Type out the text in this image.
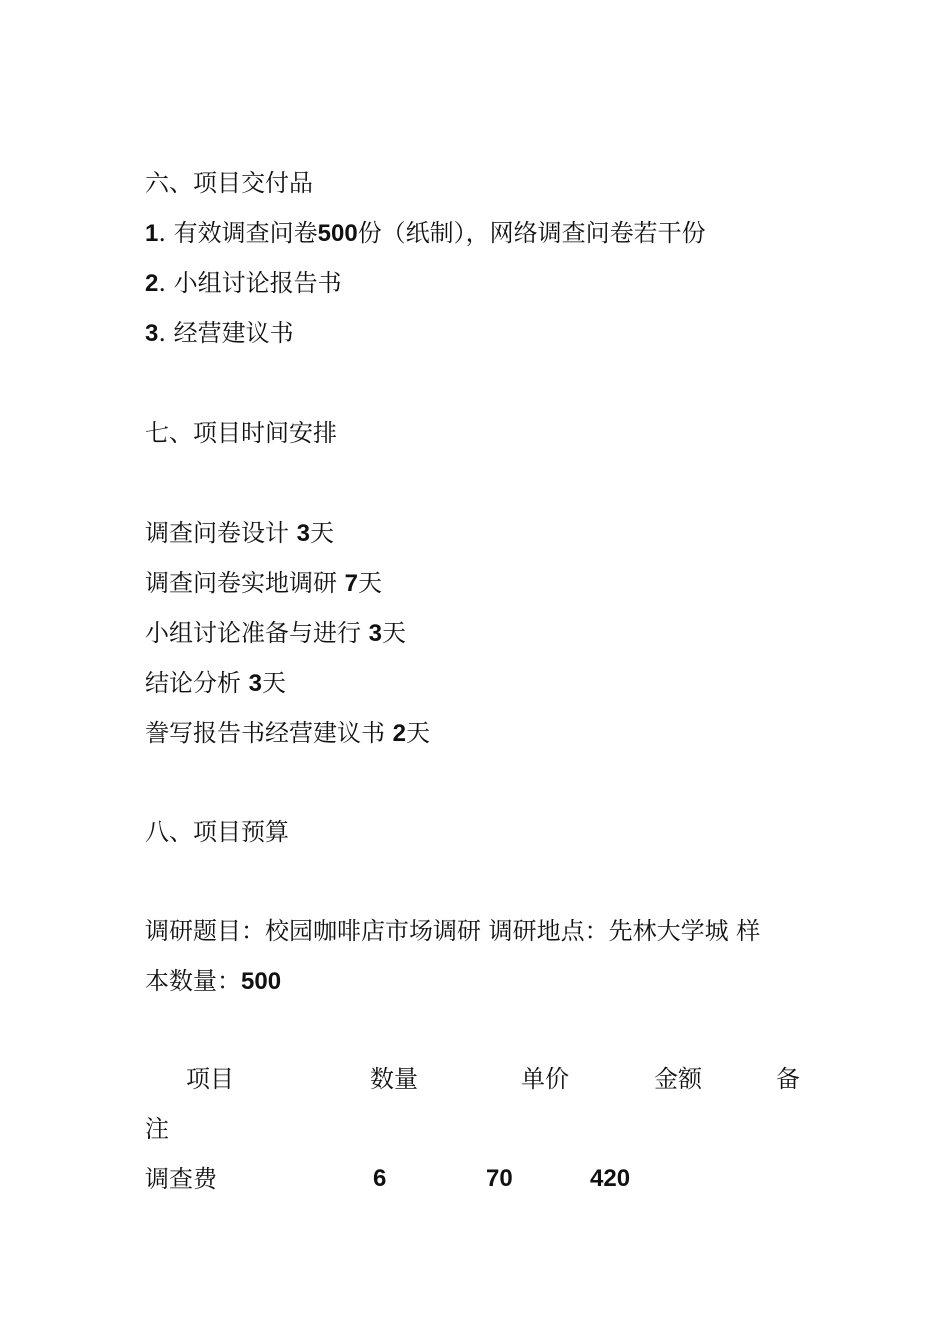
六、项目交付品
1. 有效调查问卷500份（纸制），网络调查问卷若干份
2. 小组讨论报告书
3. 经营建议书
七、项目时间安排
调查问卷设计 3天
调查问卷实地调研 7天
小组讨论准备与进行 3天
结论分析 3天
誊写报告书经营建议书 2天
八、项目预算
调研题目：校园咖啡店市场调研 调研地点：先林大学城 样
本数量：500
项目	数量	单价	金额	备
注
调查费	6	70	420
